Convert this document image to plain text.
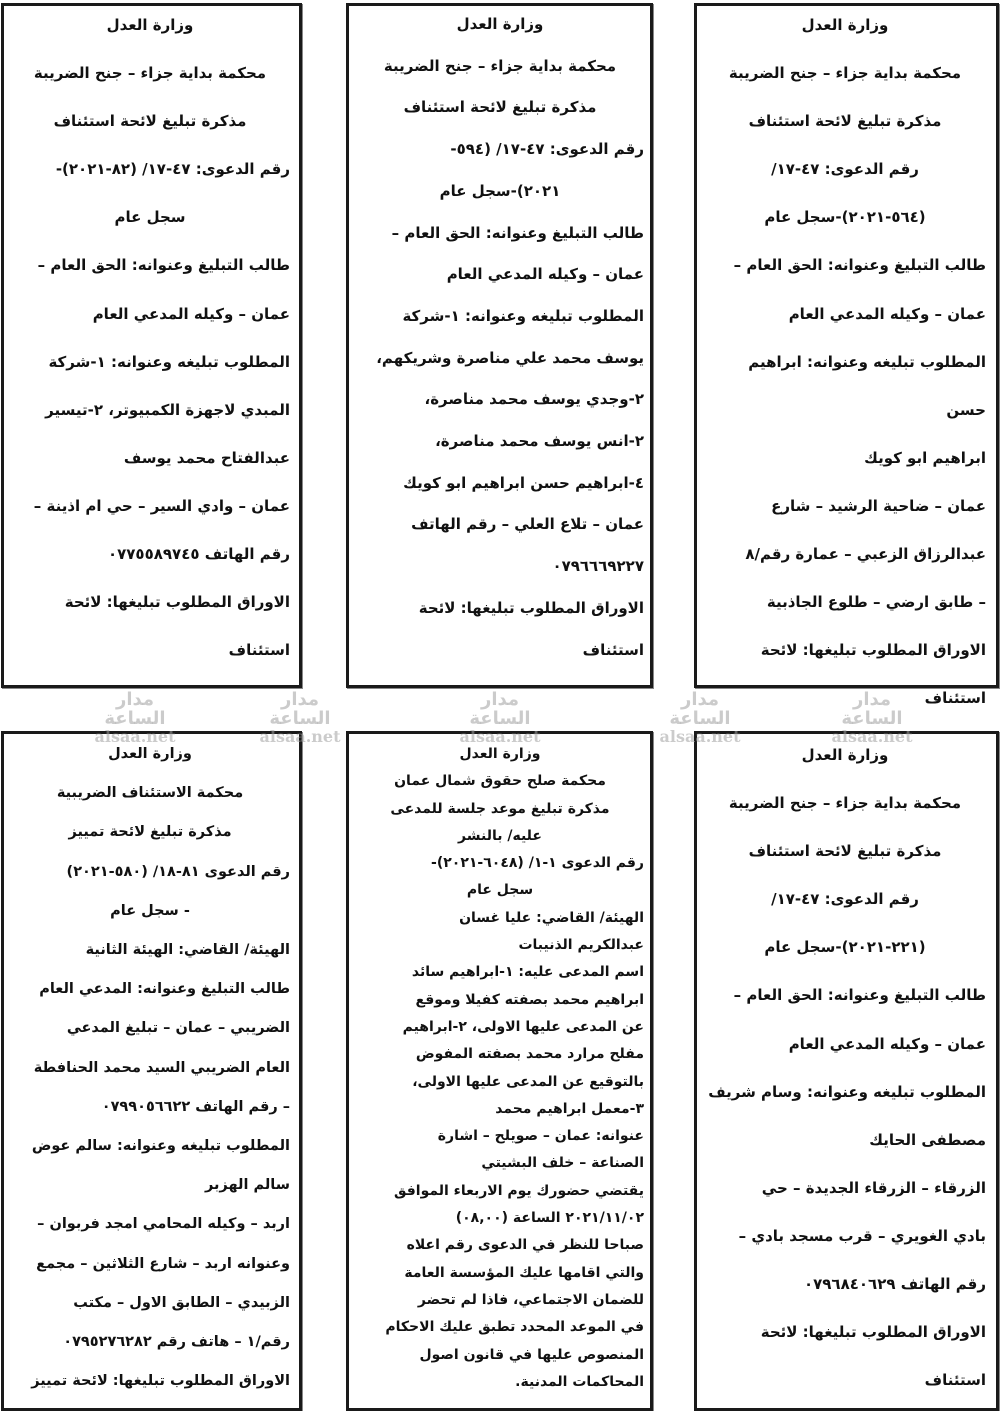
وزارة العدل
محكمة بداية جزاء – جنح الضريبة
مذكرة تبليغ لائحة استئناف
رقم الدعوى: ٤٧-١٧/
(٥٦٤-٢٠٢١)-سجل عام
طالب التبليغ وعنوانه: الحق العام –
عمان – وكيله المدعي العام
المطلوب تبليغه وعنوانه: ابراهيم حسن
ابراهيم ابو كويك
عمان – ضاحية الرشيد – شارع
عبدالرزاق الزعبي – عمارة رقم/٨
– طابق ارضي – طلوع الجاذبية
الاوراق المطلوب تبليغها: لائحة
استئناف
وزارة العدل
محكمة بداية جزاء – جنح الضريبة
مذكرة تبليغ لائحة استئناف
رقم الدعوى: ٤٧-١٧/ (٥٩٤-
٢٠٢١)-سجل عام
طالب التبليغ وعنوانه: الحق العام –
عمان – وكيله المدعي العام
المطلوب تبليغه وعنوانه: ١-شركة
يوسف محمد علي مناصرة وشريكهم،
٢-وجدي يوسف محمد مناصرة،
٢-انس يوسف محمد مناصرة،
٤-ابراهيم حسن ابراهيم ابو كويك
عمان – تلاع العلي – رقم الهاتف
٠٧٩٦٦٦٩٢٢٧
الاوراق المطلوب تبليغها: لائحة
استئناف
وزارة العدل
محكمة بداية جزاء – جنح الضريبة
مذكرة تبليغ لائحة استئناف
رقم الدعوى: ٤٧-١٧/ (٨٢-٢٠٢١)-
سجل عام
طالب التبليغ وعنوانه: الحق العام –
عمان – وكيله المدعي العام
المطلوب تبليغه وعنوانه: ١-شركة
المبدي لاجهزة الكمبيوتر، ٢-تيسير
عبدالفتاح محمد يوسف
عمان – وادي السير – حي ام اذينة –
رقم الهاتف ٠٧٧٥٥٨٩٧٤٥
الاوراق المطلوب تبليغها: لائحة
استئناف
وزارة العدل
محكمة بداية جزاء – جنح الضريبة
مذكرة تبليغ لائحة استئناف
رقم الدعوى: ٤٧-١٧/
(٢٢١-٢٠٢١)-سجل عام
طالب التبليغ وعنوانه: الحق العام –
عمان – وكيله المدعي العام
المطلوب تبليغه وعنوانه: وسام شريف
مصطفى الحايك
الزرقاء – الزرقاء الجديدة – حي
بادي الغويري – قرب مسجد بادي –
رقم الهاتف ٠٧٩٦٨٤٠٦٢٩
الاوراق المطلوب تبليغها: لائحة
استئناف
وزارة العدل
محكمة صلح حقوق شمال عمان
مذكرة تبليغ موعد جلسة للمدعى
عليه/ بالنشر
رقم الدعوى ١-١/ (٦٠٤٨-٢٠٢١)-
سجل عام
الهيئة/ القاضي: عليا غسان
عبدالكريم الذنيبات
اسم المدعى عليه: ١-ابراهيم سائد
ابراهيم محمد بصفته كفيلا وموقع
عن المدعى عليها الاولى، ٢-ابراهيم
مفلح مرارد محمد بصفته المفوض
بالتوقيع عن المدعى عليها الاولى،
٣-معمل ابراهيم محمد
عنوانه: عمان – صويلح – اشارة
الصناعة – خلف البشيتي
يقتضي حضورك يوم الاربعاء الموافق
٢٠٢١/١١/٠٢ الساعة (٠٨,٠٠)
صباحا للنظر في الدعوى رقم اعلاه
والتي اقامها عليك المؤسسة العامة
للضمان الاجتماعي، فاذا لم تحضر
في الموعد المحدد تطبق عليك الاحكام
المنصوص عليها في قانون اصول
المحاكمات المدنية.
وزارة العدل
محكمة الاستئناف الضريبية
مذكرة تبليغ لائحة تمييز
رقم الدعوى ٨١-١٨/ (٥٨٠-٢٠٢١)
- سجل عام
الهيئة/ القاضي: الهيئة الثانية
طالب التبليغ وعنوانه: المدعي العام
الضريبي – عمان – تبليغ المدعي
العام الضريبي السيد محمد الحنافطة
– رقم الهاتف ٠٧٩٩٠٥٦٦٢٢
المطلوب تبليغه وعنوانه: سالم عوض
سالم الهزبر
اربد – وكيله المحامي امجد فربوان –
وعنوانه اربد – شارع الثلاثين – مجمع
الزبيدي – الطابق الاول – مكتب
رقم/١ – هاتف رقم ٠٧٩٥٢٧٦٢٨٢
الاوراق المطلوب تبليغها: لائحة تمييز
مدار الساعة
alsaa.net
مدار الساعة
alsaa.net
مدار الساعة
alsaa.net
مدار الساعة
alsaa.net
مدار الساعة
alsaa.net
